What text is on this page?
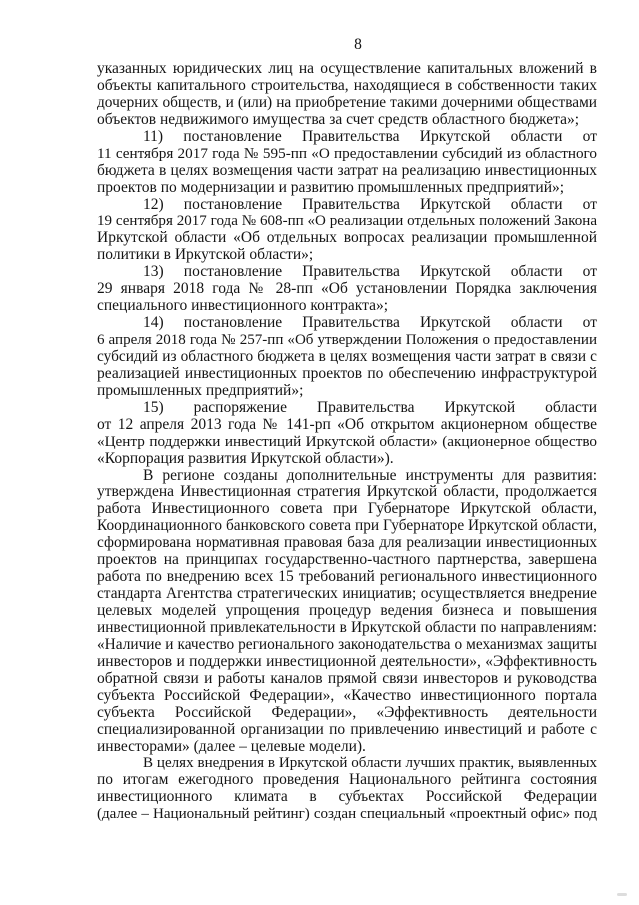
8
указанных юридических лиц на осуществление капитальных вложений в
объекты капитального строительства, находящиеся в собственности таких
дочерних обществ, и (или) на приобретение такими дочерними обществами
объектов недвижимого имущества за счет средств областного бюджета»;
11) постановление Правительства Иркутской области от
11 сентября 2017 года № 595-пп «О предоставлении субсидий из областного
бюджета в целях возмещения части затрат на реализацию инвестиционных
проектов по модернизации и развитию промышленных предприятий»;
12) постановление Правительства Иркутской области от
19 сентября 2017 года № 608-пп «О реализации отдельных положений Закона
Иркутской области «Об отдельных вопросах реализации промышленной
политики в Иркутской области»;
13) постановление Правительства Иркутской области от
29 января 2018 года № 28-пп «Об установлении Порядка заключения
специального инвестиционного контракта»;
14) постановление Правительства Иркутской области от
6 апреля 2018 года № 257-пп «Об утверждении Положения о предоставлении
субсидий из областного бюджета в целях возмещения части затрат в связи с
реализацией инвестиционных проектов по обеспечению инфраструктурой
промышленных предприятий»;
15) распоряжение Правительства Иркутской области
от 12 апреля 2013 года № 141-рп «Об открытом акционерном обществе
«Центр поддержки инвестиций Иркутской области» (акционерное общество
«Корпорация развития Иркутской области»).
В регионе созданы дополнительные инструменты для развития:
утверждена Инвестиционная стратегия Иркутской области, продолжается
работа Инвестиционного совета при Губернаторе Иркутской области,
Координационного банковского совета при Губернаторе Иркутской области,
сформирована нормативная правовая база для реализации инвестиционных
проектов на принципах государственно-частного партнерства, завершена
работа по внедрению всех 15 требований регионального инвестиционного
стандарта Агентства стратегических инициатив; осуществляется внедрение
целевых моделей упрощения процедур ведения бизнеса и повышения
инвестиционной привлекательности в Иркутской области по направлениям:
«Наличие и качество регионального законодательства о механизмах защиты
инвесторов и поддержки инвестиционной деятельности», «Эффективность
обратной связи и работы каналов прямой связи инвесторов и руководства
субъекта Российской Федерации», «Качество инвестиционного портала
субъекта Российской Федерации», «Эффективность деятельности
специализированной организации по привлечению инвестиций и работе с
инвесторами» (далее – целевые модели).
В целях внедрения в Иркутской области лучших практик, выявленных
по итогам ежегодного проведения Национального рейтинга состояния
инвестиционного климата в субъектах Российской Федерации
(далее – Национальный рейтинг) создан специальный «проектный офис» под
